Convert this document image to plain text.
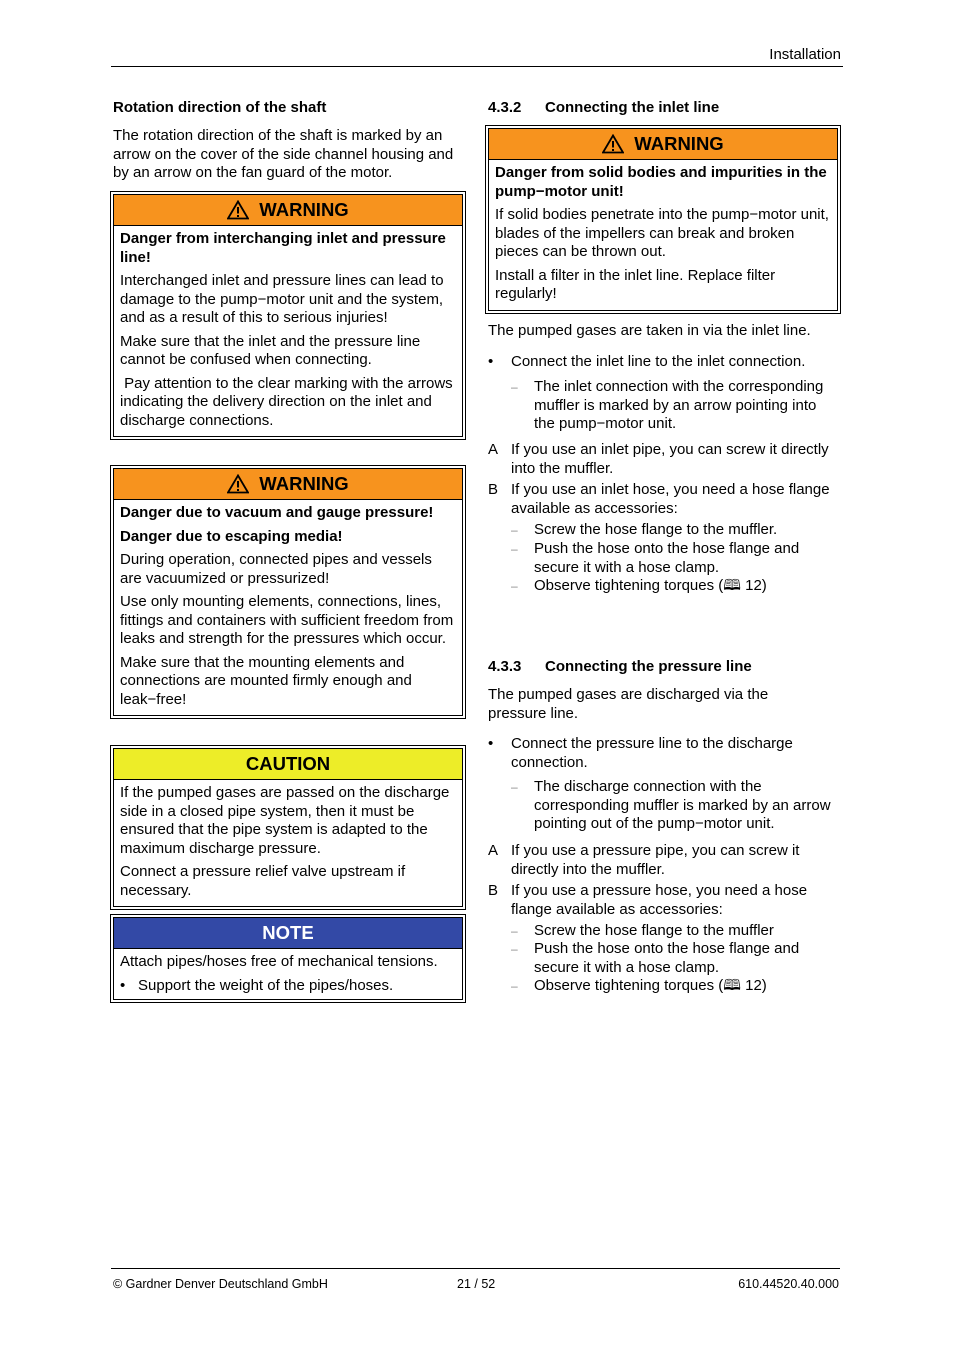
Installation
Rotation direction of the shaft

The rotation direction of the shaft is marked by an arrow on the cover of the side channel housing and by an arrow on the fan guard of the motor.

WARNING

Danger from interchanging inlet and pressure line!

Interchanged inlet and pressure lines can lead to damage to the pump−motor unit and the system, and as a result of this to serious injuries!

Make sure that the inlet and the pressure line cannot be confused when connecting.

Pay attention to the clear marking with the arrows indicating the delivery direction on the inlet and discharge connections.

WARNING

Danger due to vacuum and gauge pressure!

Danger due to escaping media!

During operation, connected pipes and vessels are vacuumized or pressurized!

Use only mounting elements, connections, lines, fittings and containers with sufficient freedom from leaks and strength for the pressures which occur.

Make sure that the mounting elements and connections are mounted firmly enough and leak−free!

CAUTION

If the pumped gases are passed on the discharge side in a closed pipe system, then it must be ensured that the pipe system is adapted to the maximum discharge pressure.

Connect a pressure relief valve upstream if necessary.

NOTE

Attach pipes/hoses free of mechanical tensions.

• Support the weight of the pipes/hoses.
4.3.2 Connecting the inlet line
WARNING

Danger from solid bodies and impurities in the pump−motor unit!

If solid bodies penetrate into the pump−motor unit, blades of the impellers can break and broken pieces can be thrown out.

Install a filter in the inlet line. Replace filter regularly!

The pumped gases are taken in via the inlet line.

• Connect the inlet line to the inlet connection.
– The inlet connection with the corresponding muffler is marked by an arrow pointing into the pump−motor unit.
A If you use an inlet pipe, you can screw it directly into the muffler.
B If you use an inlet hose, you need a hose flange available as accessories:
– Screw the hose flange to the muffler.
– Push the hose onto the hose flange and secure it with a hose clamp.
– Observe tightening torques (🕮 12)
4.3.3 Connecting the pressure line

The pumped gases are discharged via the pressure line.

• Connect the pressure line to the discharge connection.
– The discharge connection with the corresponding muffler is marked by an arrow pointing out of the pump−motor unit.
A If you use a pressure pipe, you can screw it directly into the muffler.
B If you use a pressure hose, you need a hose flange available as accessories:
– Screw the hose flange to the muffler
– Push the hose onto the hose flange and secure it with a hose clamp.
– Observe tightening torques (🕮 12)
© Gardner Denver Deutschland GmbH	21 / 52	610.44520.40.000
